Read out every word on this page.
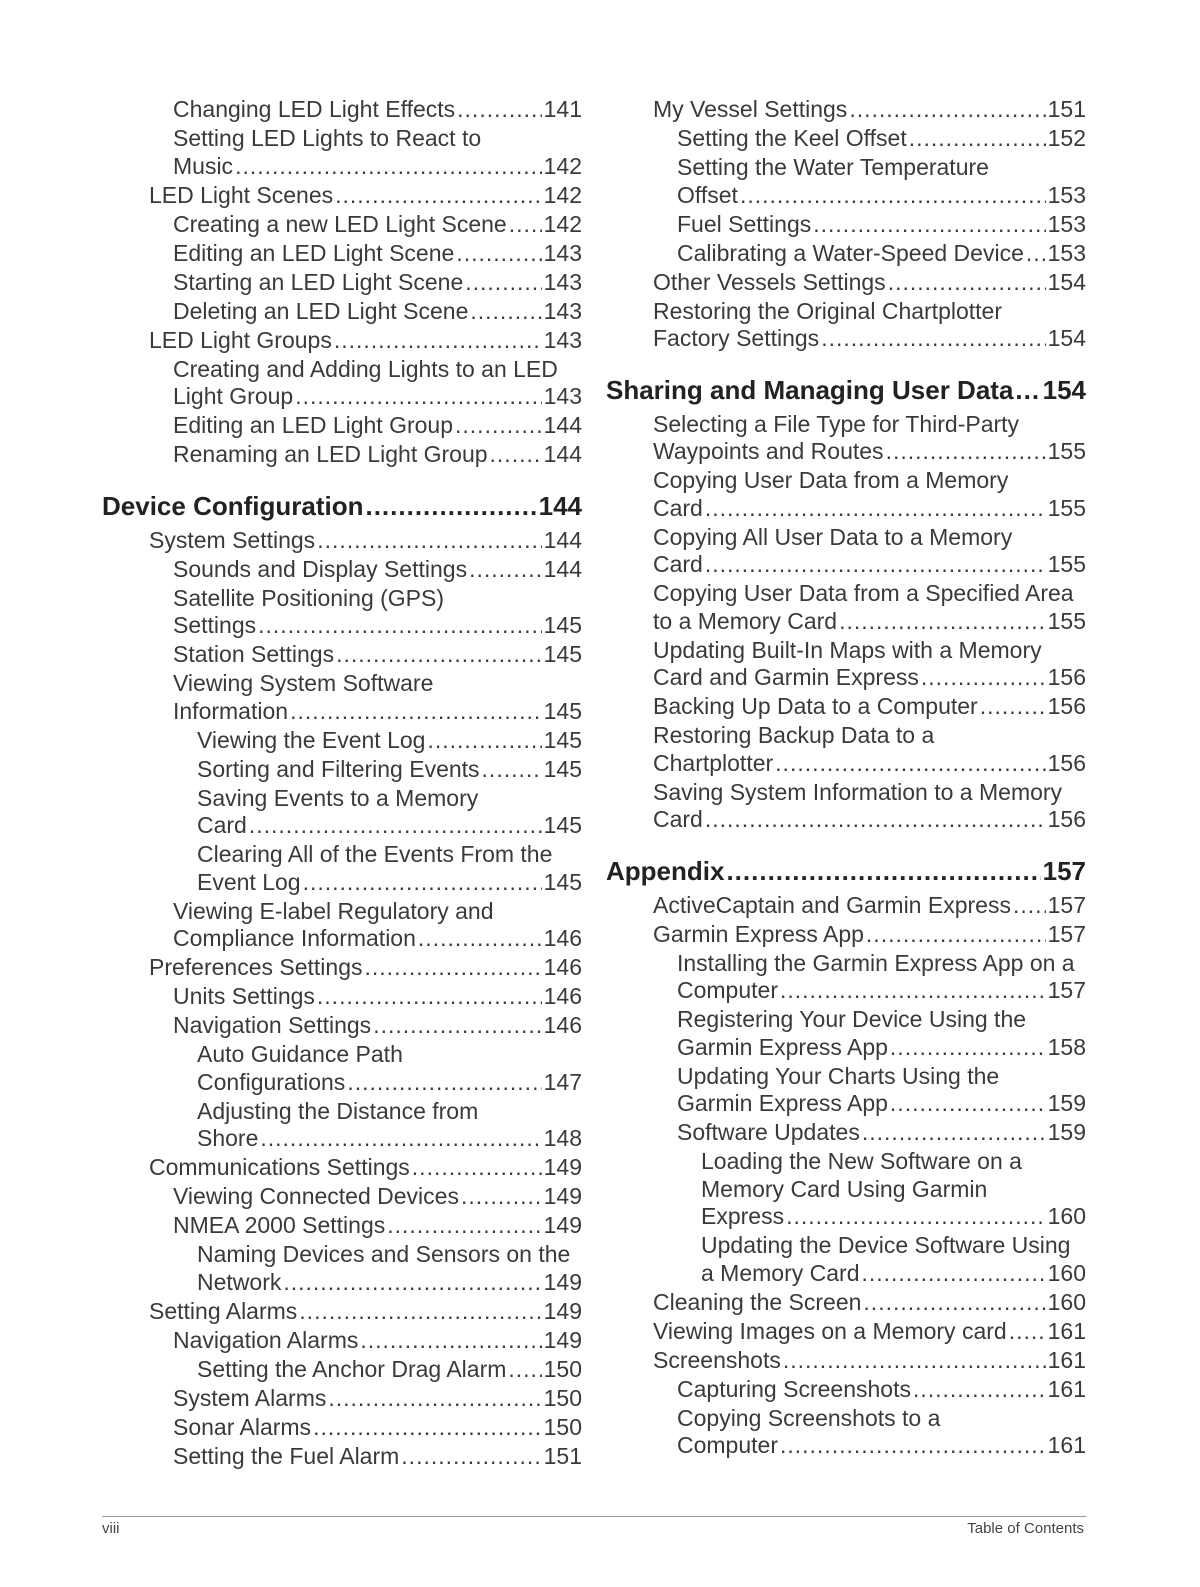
Changing LED Light Effects .....	141
Setting LED Lights to React to
Music .....	142
LED Light Scenes .....	142
Creating a new LED Light Scene ..... 142
Editing an LED Light Scene .....	143
Starting an LED Light Scene .....	143
Deleting an LED Light Scene .....	143
LED Light Groups .....	143
Creating and Adding Lights to an LED
Light Group .....	143
Editing an LED Light Group .....	144
Renaming an LED Light Group ..... 144
Device Configuration .....	144
System Settings .....	144
Sounds and Display Settings .....	144
Satellite Positioning (GPS)
Settings .....	145
Station Settings .....	145
Viewing System Software
Information .....	145
Viewing the Event Log .....	145
Sorting and Filtering Events .....	145
Saving Events to a Memory
Card .....	145
Clearing All of the Events From the
Event Log .....	145
Viewing E-label Regulatory and
Compliance Information .....	146
Preferences Settings .....	146
Units Settings .....	146
Navigation Settings .....	146
Auto Guidance Path
Configurations .....	147
Adjusting the Distance from
Shore .....	148
Communications Settings .....	149
Viewing Connected Devices .....	149
NMEA 2000 Settings .....	149
Naming Devices and Sensors on the
Network .....	149
Setting Alarms .....	149
Navigation Alarms .....	149
Setting the Anchor Drag Alarm ..... 150
System Alarms .....	150
Sonar Alarms .....	150
Setting the Fuel Alarm .....	151
My Vessel Settings .....	151
Setting the Keel Offset .....	152
Setting the Water Temperature
Offset .....	153
Fuel Settings .....	153
Calibrating a Water-Speed Device ..... 153
Other Vessels Settings .....	154
Restoring the Original Chartplotter
Factory Settings .....	154
Sharing and Managing User Data ..... 154
Selecting a File Type for Third-Party
Waypoints and Routes .....	155
Copying User Data from a Memory
Card .....	155
Copying All User Data to a Memory
Card .....	155
Copying User Data from a Specified Area
to a Memory Card .....	155
Updating Built-In Maps with a Memory
Card and Garmin Express .....	156
Backing Up Data to a Computer .....	156
Restoring Backup Data to a
Chartplotter .....	156
Saving System Information to a Memory
Card .....	156
Appendix .....	157
ActiveCaptain and Garmin Express ..... 157
Garmin Express App .....	157
Installing the Garmin Express App on a
Computer .....	157
Registering Your Device Using the
Garmin Express App .....	158
Updating Your Charts Using the
Garmin Express App .....	159
Software Updates .....	159
Loading the New Software on a
Memory Card Using Garmin
Express .....	160
Updating the Device Software Using
a Memory Card .....	160
Cleaning the Screen .....	160
Viewing Images on a Memory card ..... 161
Screenshots .....	161
Capturing Screenshots .....	161
Copying Screenshots to a
Computer .....	161
viii	Table of Contents
